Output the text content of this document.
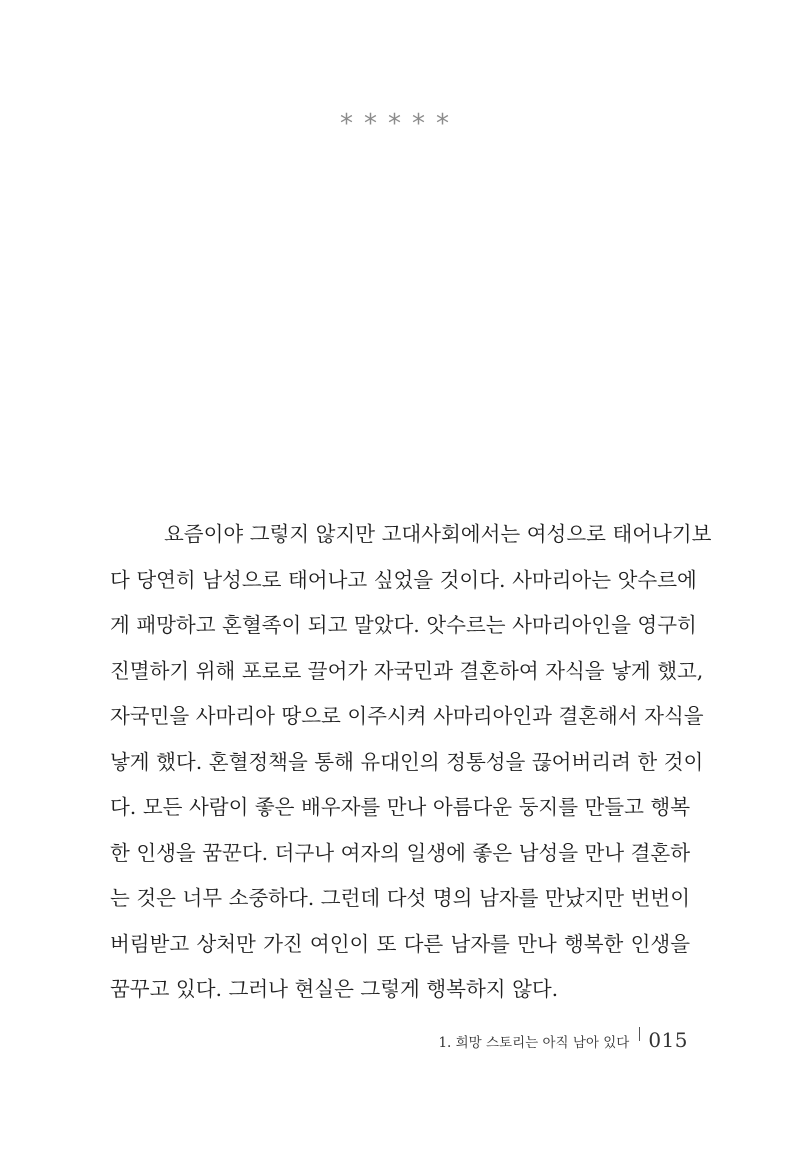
*****
요즘이야 그렇지 않지만 고대사회에서는 여성으로 태어나기보
다 당연히 남성으로 태어나고 싶었을 것이다. 사마리아는 앗수르에
게 패망하고 혼혈족이 되고 말았다. 앗수르는 사마리아인을 영구히
진멸하기 위해 포로로 끌어가 자국민과 결혼하여 자식을 낳게 했고,
자국민을 사마리아 땅으로 이주시켜 사마리아인과 결혼해서 자식을
낳게 했다. 혼혈정책을 통해 유대인의 정통성을 끊어버리려 한 것이
다. 모든 사람이 좋은 배우자를 만나 아름다운 둥지를 만들고 행복
한 인생을 꿈꾼다. 더구나 여자의 일생에 좋은 남성을 만나 결혼하
는 것은 너무 소중하다. 그런데 다섯 명의 남자를 만났지만 번번이
버림받고 상처만 가진 여인이 또 다른 남자를 만나 행복한 인생을
꿈꾸고 있다. 그러나 현실은 그렇게 행복하지 않다.
1. 희망 스토리는 아직 남아 있다 015
